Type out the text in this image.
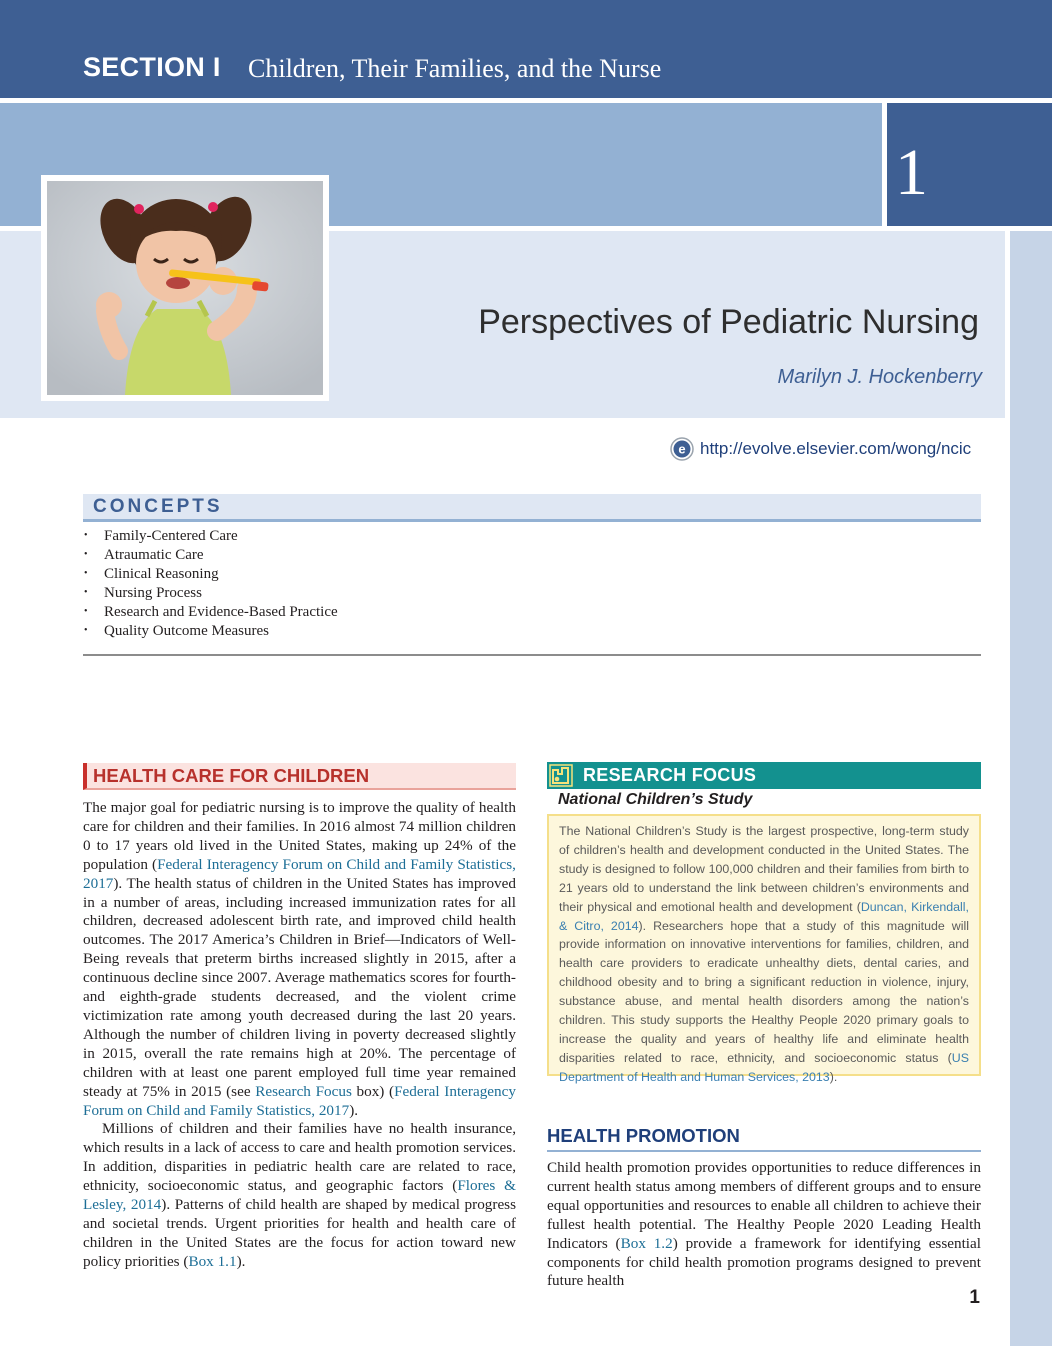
SECTION I Children, Their Families, and the Nurse
1
Perspectives of Pediatric Nursing
Marilyn J. Hockenberry
e http://evolve.elsevier.com/wong/ncic
CONCEPTS
• Family-Centered Care
• Atraumatic Care
• Clinical Reasoning
• Nursing Process
• Research and Evidence-Based Practice
• Quality Outcome Measures
HEALTH CARE FOR CHILDREN

The major goal for pediatric nursing is to improve the quality of health care for children and their families. In 2016 almost 74 million children 0 to 17 years old lived in the United States, making up 24% of the population (Federal Interagency Forum on Child and Family Statistics, 2017). The health status of children in the United States has improved in a number of areas, including increased immunization rates for all children, decreased adolescent birth rate, and improved child health outcomes. The 2017 America’s Children in Brief—Indicators of Well-Being reveals that preterm births increased slightly in 2015, after a continuous decline since 2007. Average mathematics scores for fourth- and eighth-grade students decreased, and the violent crime victimization rate among youth decreased during the last 20 years. Although the number of children living in poverty decreased slightly in 2015, overall the rate remains high at 20%. The percentage of children with at least one parent employed full time year remained steady at 75% in 2015 (see Research Focus box) (Federal Interagency Forum on Child and Family Statistics, 2017).

Millions of children and their families have no health insurance, which results in a lack of access to care and health promotion services. In addition, disparities in pediatric health care are related to race, ethnicity, socioeconomic status, and geographic factors (Flores & Lesley, 2014). Patterns of child health are shaped by medical progress and societal trends. Urgent priorities for health and health care of children in the United States are the focus for action toward new policy priorities (Box 1.1).

RESEARCH FOCUS
National Children’s Study
The National Children’s Study is the largest prospective, long-term study of children’s health and development conducted in the United States. The study is designed to follow 100,000 children and their families from birth to 21 years old to understand the link between children’s environments and their physical and emotional health and development (Duncan, Kirkendall, & Citro, 2014). Researchers hope that a study of this magnitude will provide information on innovative interventions for families, children, and health care providers to eradicate unhealthy diets, dental caries, and childhood obesity and to bring a significant reduction in violence, injury, substance abuse, and mental health disorders among the nation’s children. This study supports the Healthy People 2020 primary goals to increase the quality and years of healthy life and eliminate health disparities related to race, ethnicity, and socioeconomic status (US Department of Health and Human Services, 2013).
HEALTH PROMOTION
Child health promotion provides opportunities to reduce differences in current health status among members of different groups and to ensure equal opportunities and resources to enable all children to achieve their fullest health potential. The Healthy People 2020 Leading Health Indicators (Box 1.2) provide a framework for identifying essential components for child health promotion programs designed to prevent future health
1
